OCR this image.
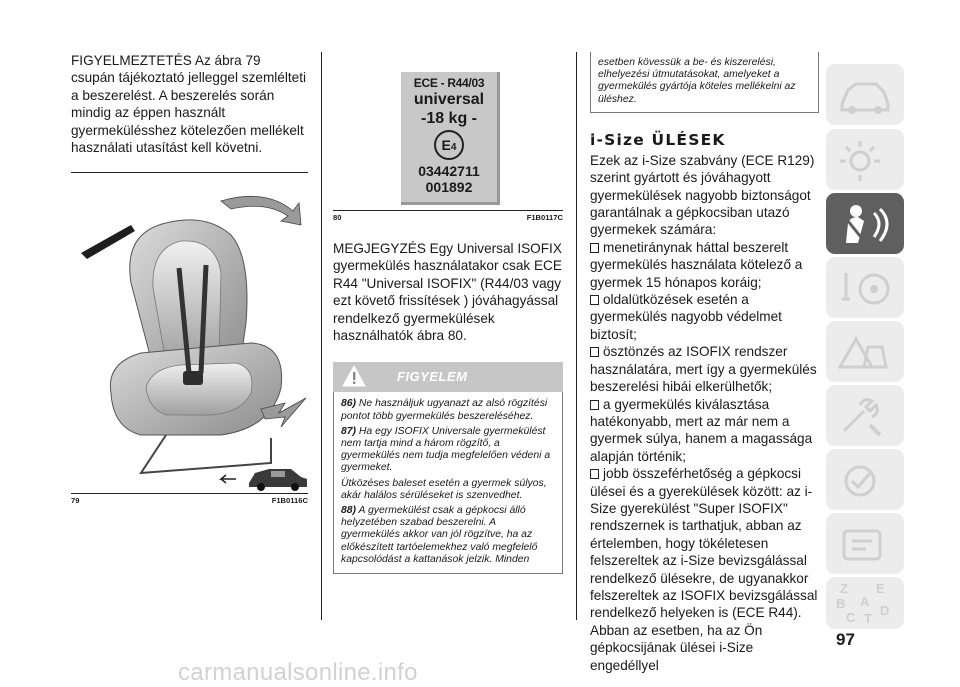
FIGYELMEZTETÉS Az ábra 79 csupán tájékoztató jelleggel szemlélteti a beszerelést. A beszerelés során mindig az éppen használt gyermekülésshez kötelezően mellékelt használati utasítást kell követni.

79	F1B0116C
ECE - R44/03
universal
-18 kg -
E4
03442711
001892
80	F1B0117C

MEGJEGYZÉS Egy Universal ISOFIX gyermekülés használatakor csak ECE R44 "Universal ISOFIX" (R44/03 vagy ezt követő frissítések ) jóváhagyással rendelkező gyermekülések használhatók ábra 80.

FIGYELEM

86) Ne használjuk ugyanazt az alsó rögzítési pontot több gyermekülés beszereléséhez.

87) Ha egy ISOFIX Universale gyermekülést nem tartja mind a három rögzítő, a gyermekülés nem tudja megfelelően védeni a gyermeket.

Ütközéses baleset esetén a gyermek súlyos, akár halálos sérüléseket is szenvedhet.

88) A gyermekülést csak a gépkocsi álló helyzetében szabad beszerelni. A gyermekülés akkor van jól rögzítve, ha az előkészített tartóelemekhez való megfelelő kapcsolódást a kattanások jelzik. Minden

esetben kövessük a be- és kiszerelési, elhelyezési útmutatásokat, amelyeket a gyermekülés gyártója köteles mellékelni az üléshez.
i-Size ÜLÉSEK

Ezek az i-Size szabvány (ECE R129) szerint gyártott és jóváhagyott gyermekülések nagyobb biztonságot garantálnak a gépkocsiban utazó gyermekek számára:

menetiránynak háttal beszerelt gyermekülés használata kötelező a gyermek 15 hónapos koráig;

oldalütközések esetén a gyermekülés nagyobb védelmet biztosít;

ösztönzés az ISOFIX rendszer használatára, mert így a gyermekülés beszerelési hibái elkerülhetők;

a gyermekülés kiválasztása hatékonyabb, mert az már nem a gyermek súlya, hanem a magassága alapján történik;

jobb összeférhetőség a gépkocsi ülései és a gyerekülések között: az i-Size gyerekülést "Super ISOFIX" rendszernek is tarthatjuk, abban az értelemben, hogy tökéletesen felszereltek az i-Size bevizsgálással rendelkező ülésekre, de ugyanakkor felszereltek az ISOFIX bevizsgálással rendelkező helyeken is (ECE R44). Abban az esetben, ha az Ön gépkocsijának ülései i-Size engedéllyel

Z E
B A
C D
T
97
carmanualsonline.info
